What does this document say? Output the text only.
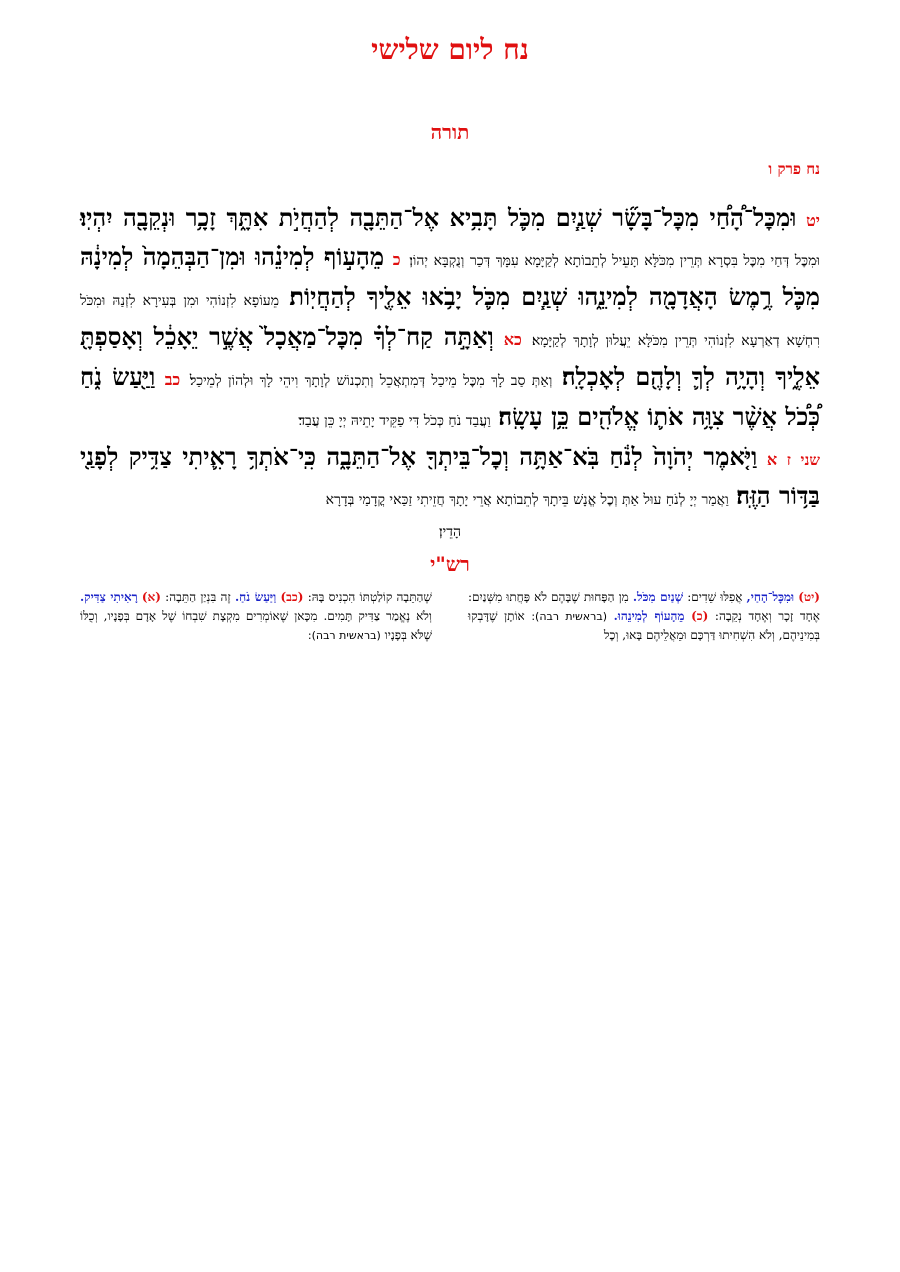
נח ליום שלישי
תורה
נח פרק ו
יט וּמִכׇּל־הָ֠חַ֠י מִכׇּל־בָּשָׂ֞ר שְׁנַ֧יִם מִכֹּ֛ל תָּבִ֥יא אֶל־הַתֵּבָ֖ה לְהַחֲיֹ֣ת אִתָּ֑ךְ זָכָ֥ר וּנְקֵבָ֖ה יִהְיֽוּ׃ וּמִכׇּל דְּחַי מִכׇּל בִּסְרָא תְּרֵין מִכֹּלָּא תָּעֵיל לְתֵבוֹתָא לְקַיָּמָא עִמָּךְ דְּכַר וְנֻקְבָּא יְהוֹן׃ כ מֵהָע֣וֹף לְמִינֵ֗הוּ וּמִן־הַבְּהֵמָה֙ לְמִינָ֔הּ מִכֹּ֛ל רֶ֥מֶשׂ הָאֲדָמָ֖ה לְמִינֵ֑הוּ שְׁנַ֧יִם מִכֹּ֛ל יָבֹ֥אוּ אֵלֶ֖יךָ לְהַחֲיֽוֹת׃ מֵעוֹפָא לִזְנוֹהִי וּמִן בְּעִירָא לִזְנַהּ וּמִכֹּל רִחְשָׁא דְאַרְעָא לִזְנוֹהִי תְּרֵין מִכֹּלָּא יֵעֲלוּן לְוָתָךְ לְקַיָּמָא׃ כא וְאַתָּ֣ה קַח־לְךָ֗ מִכׇּל־מַאֲכָל֙ אֲשֶׁ֣ר יֵאָכֵ֔ל וְאָסַפְתָּ֖ אֵלֶ֑יךָ וְהָיָ֥ה לְךָ֛ וְלָהֶ֖ם לְאׇכְלָֽה׃ וְאַתְּ סַב לָךְ מִכׇּל מֵיכַל דְּמִתְאֲכֵל וְתִכְנוֹשׁ לְוָתָךְ וִיהֵי לָךְ וּלְהוֹן לְמֵיכַל׃ כב וַיַּ֖עַשׂ נֹ֑חַ כְּ֠כֹ֠ל אֲשֶׁ֨ר צִוָּ֥ה אֹת֛וֹ אֱלֹהִ֖ים כֵּ֥ן עָשָֽׂה׃ וַעֲבַד נֹחַ כְּכֹל דִּי פַקֵּיד יָתֵיהּ יְיָ כֵּן עֲבַד׃
שני ז א וַיֹּ֤אמֶר יְהֹוָה֙ לְנֹ֔חַ בֹּֽא־אַתָּ֥ה וְכׇל־בֵּיתְךָ֖ אֶל־הַתֵּבָ֑ה כִּֽי־אֹתְךָ֥ רָאִ֛יתִי צַדִּ֥יק לְפָנַ֖י בַּדּ֥וֹר הַזֶּֽה׃ וַאֲמַר יְיָ לְנֹחַ עוּל אַתְּ וְכׇל אֱנָשׁ בֵּיתָךְ לְתֵבוֹתָא אֲרֵי יָתָךְ חֲזֵיתִי זַכַּאי קֳדָמַי בְּדָרָא
הָדֵין׃
רש"י
(יט) וּמִכׇּל־הָחַי, אֲפִלּוּ שֵׁדִים: שְׁנַיִם מִכֹּל. מִן הַפָּחוּת שֶׁבָּהֶם לֹא פָּחֲתוּ מִשְּׁנַיִם: אֶחָד זָכָר וְאֶחָד נְקֵבָה: (כ) מֵהָעוֹף לְמִינֵהוּ. (בראשית רבה): אוֹתָן שֶׁדָּבְקוּ בְּמִינֵיהֶם, וְלֹא הִשְׁחִיתוּ דַּרְכָּם וּמֵאֲלֵיהֶם בָּאוּ, וְכׇל
שֶׁהַתֵּבָה קוֹלַטְתּוֹ הִכְנִיס בָּהּ: (כב) וַיַּעַשׂ נֹחַ. זֶה בִּנְיַן הַתֵּבָה: (א) רָאִיתִי צַדִּיק. וְלֹא נֶאֱמַר צַדִּיק תָּמִים. מִכָּאן שֶׁאוֹמְרִים מִקְצָת שִׁבְחוֹ שֶׁל אָדָם בְּפָנָיו, וְכֻלּוֹ שֶׁלֹּא בְּפָנָיו (בראשית רבה):
